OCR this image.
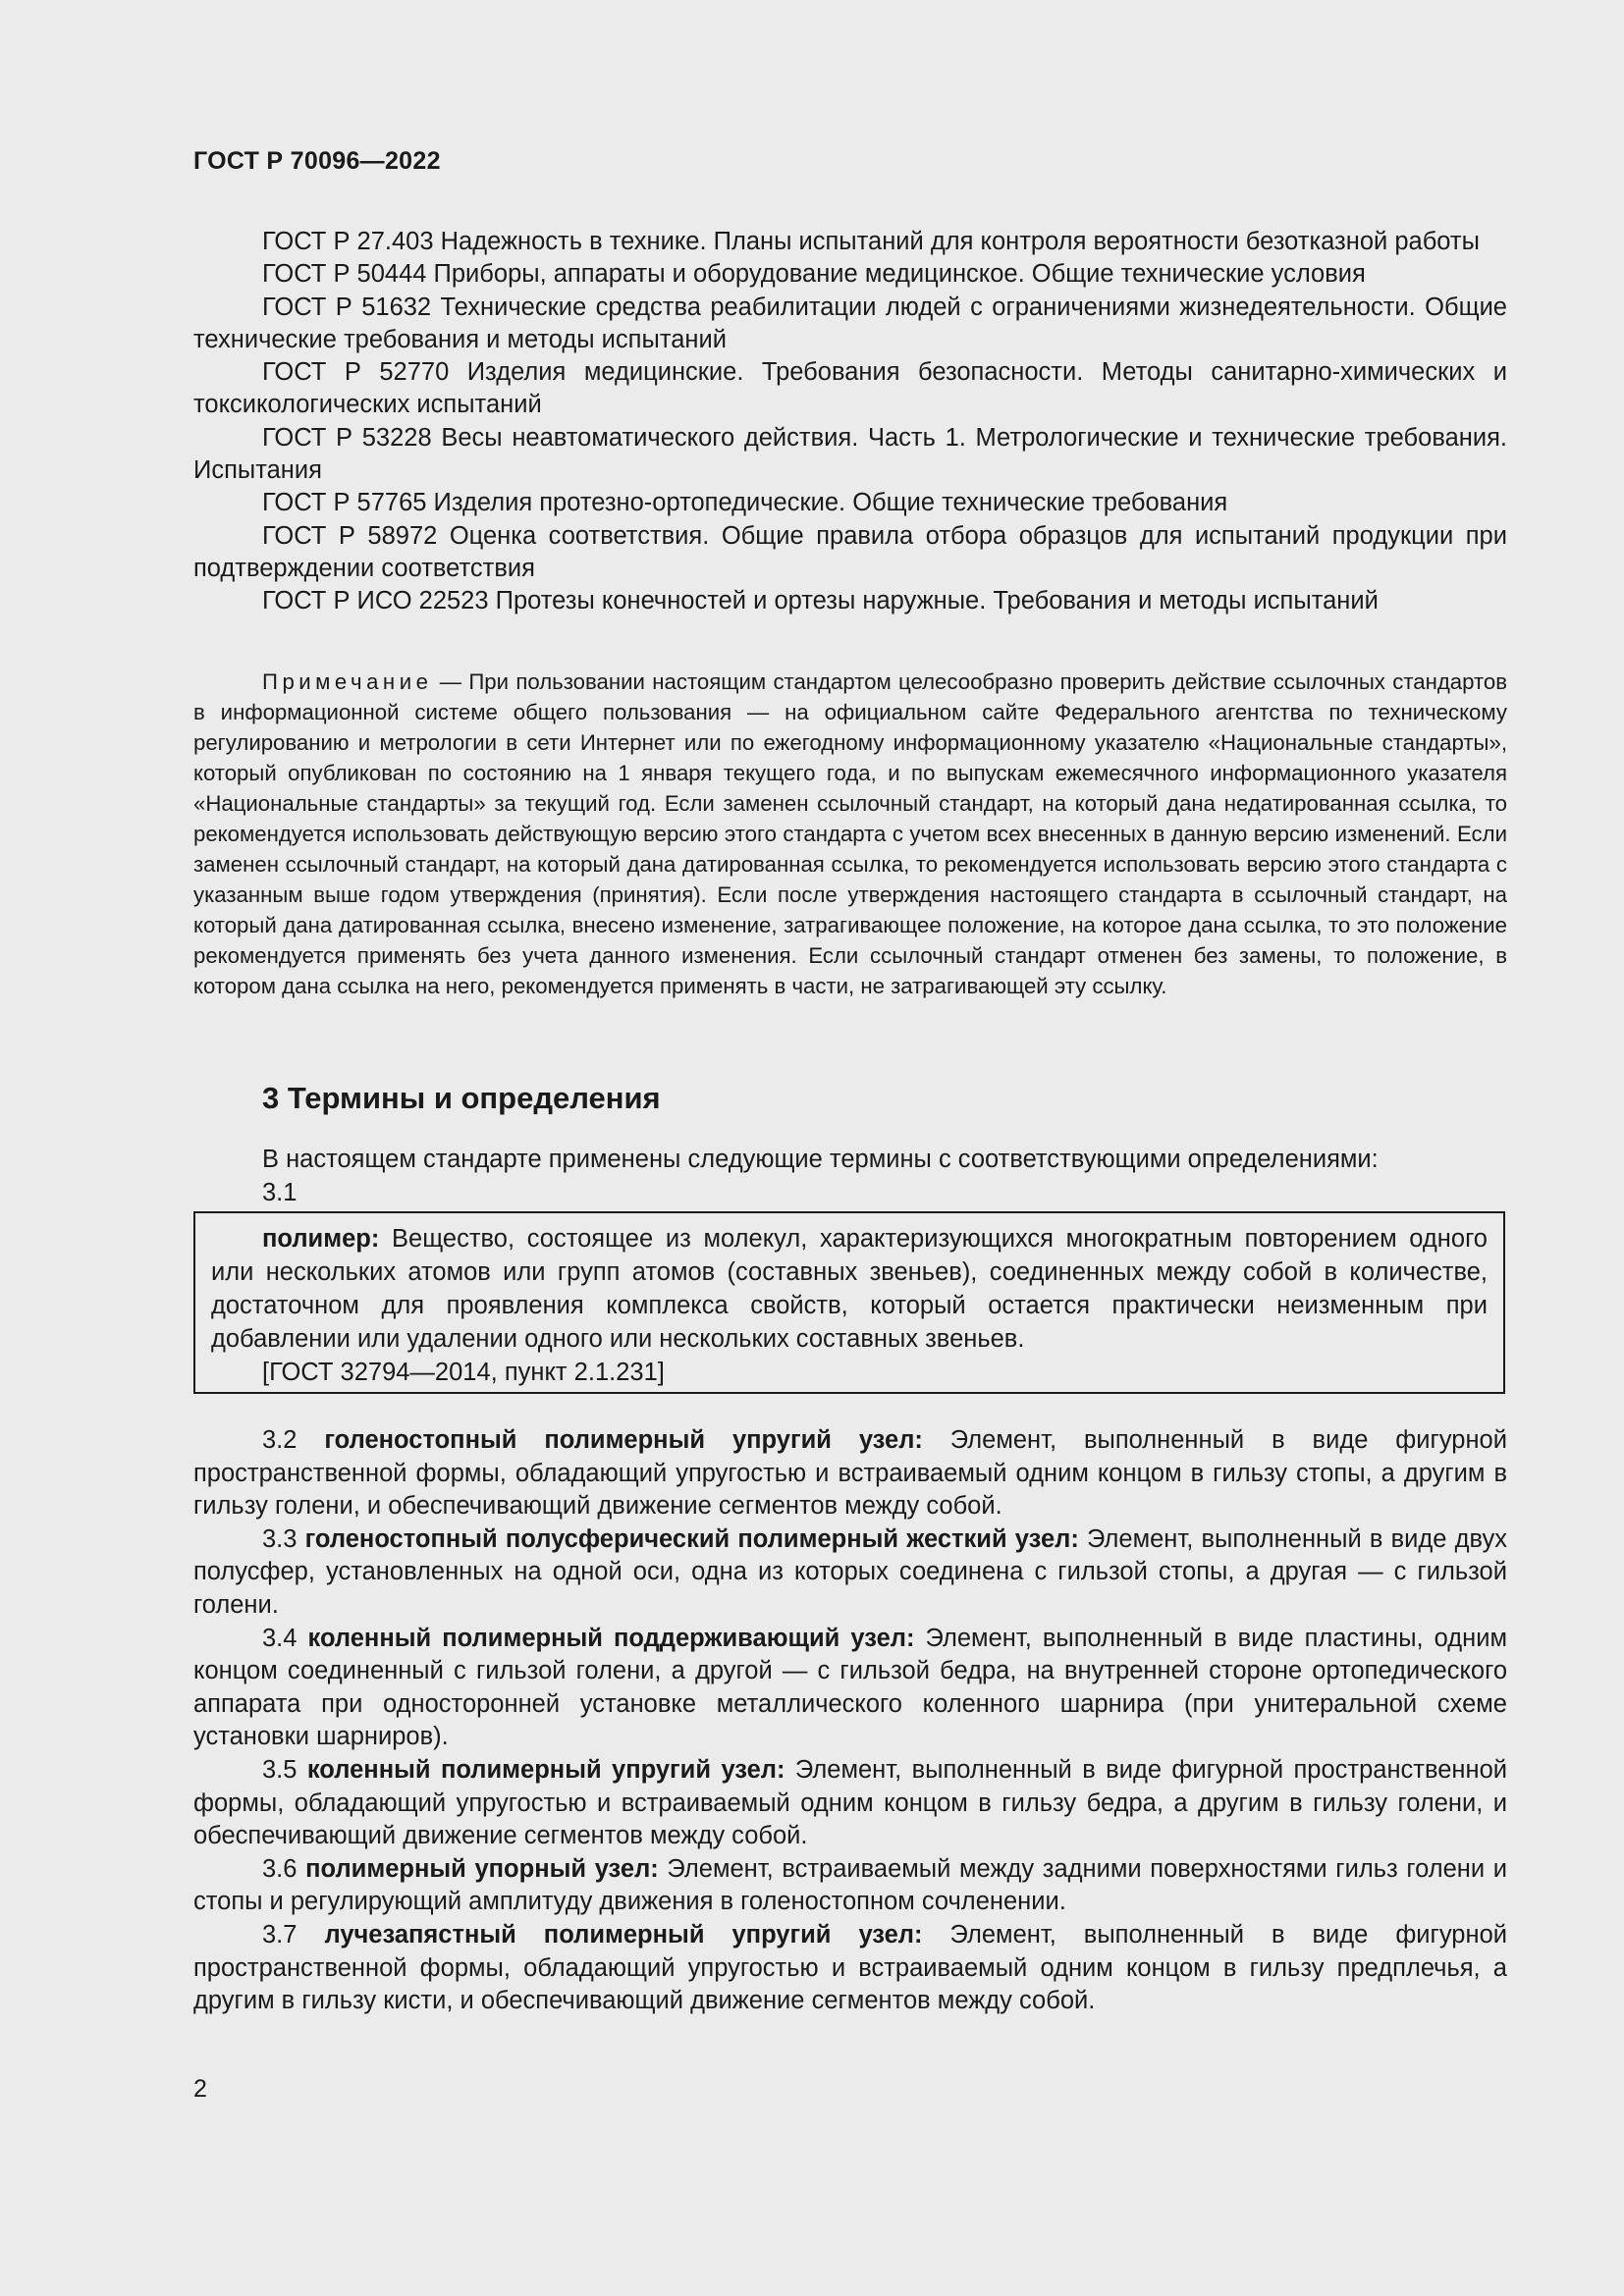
ГОСТ Р 70096—2022

ГОСТ Р 27.403 Надежность в технике. Планы испытаний для контроля вероятности безотказной работы

ГОСТ Р 50444 Приборы, аппараты и оборудование медицинское. Общие технические условия

ГОСТ Р 51632 Технические средства реабилитации людей с ограничениями жизнедеятельности. Общие технические требования и методы испытаний

ГОСТ Р 52770 Изделия медицинские. Требования безопасности. Методы санитарно-химических и токсикологических испытаний

ГОСТ Р 53228 Весы неавтоматического действия. Часть 1. Метрологические и технические требования. Испытания

ГОСТ Р 57765 Изделия протезно-ортопедические. Общие технические требования

ГОСТ Р 58972 Оценка соответствия. Общие правила отбора образцов для испытаний продукции при подтверждении соответствия

ГОСТ Р ИСО 22523 Протезы конечностей и ортезы наружные. Требования и методы испытаний

Примечание — При пользовании настоящим стандартом целесообразно проверить действие ссылочных стандартов в информационной системе общего пользования — на официальном сайте Федерального агентства по техническому регулированию и метрологии в сети Интернет или по ежегодному информационному указателю «Национальные стандарты», который опубликован по состоянию на 1 января текущего года, и по выпускам ежемесячного информационного указателя «Национальные стандарты» за текущий год. Если заменен ссылочный стандарт, на который дана недатированная ссылка, то рекомендуется использовать действующую версию этого стандарта с учетом всех внесенных в данную версию изменений. Если заменен ссылочный стандарт, на который дана датированная ссылка, то рекомендуется использовать версию этого стандарта с указанным выше годом утверждения (принятия). Если после утверждения настоящего стандарта в ссылочный стандарт, на который дана датированная ссылка, внесено изменение, затрагивающее положение, на которое дана ссылка, то это положение рекомендуется применять без учета данного изменения. Если ссылочный стандарт отменен без замены, то положение, в котором дана ссылка на него, рекомендуется применять в части, не затрагивающей эту ссылку.

3 Термины и определения

В настоящем стандарте применены следующие термины с соответствующими определениями:

3.1

полимер: Вещество, состоящее из молекул, характеризующихся многократным повторением одного или нескольких атомов или групп атомов (составных звеньев), соединенных между собой в количестве, достаточном для проявления комплекса свойств, который остается практически неизменным при добавлении или удалении одного или нескольких составных звеньев.

[ГОСТ 32794—2014, пункт 2.1.231]

3.2 голеностопный полимерный упругий узел: Элемент, выполненный в виде фигурной пространственной формы, обладающий упругостью и встраиваемый одним концом в гильзу стопы, а другим в гильзу голени, и обеспечивающий движение сегментов между собой.

3.3 голеностопный полусферический полимерный жесткий узел: Элемент, выполненный в виде двух полусфер, установленных на одной оси, одна из которых соединена с гильзой стопы, а другая — с гильзой голени.

3.4 коленный полимерный поддерживающий узел: Элемент, выполненный в виде пластины, одним концом соединенный с гильзой голени, а другой — с гильзой бедра, на внутренней стороне ортопедического аппарата при односторонней установке металлического коленного шарнира (при унитеральной схеме установки шарниров).

3.5 коленный полимерный упругий узел: Элемент, выполненный в виде фигурной пространственной формы, обладающий упругостью и встраиваемый одним концом в гильзу бедра, а другим в гильзу голени, и обеспечивающий движение сегментов между собой.

3.6 полимерный упорный узел: Элемент, встраиваемый между задними поверхностями гильз голени и стопы и регулирующий амплитуду движения в голеностопном сочленении.

3.7 лучезапястный полимерный упругий узел: Элемент, выполненный в виде фигурной пространственной формы, обладающий упругостью и встраиваемый одним концом в гильзу предплечья, а другим в гильзу кисти, и обеспечивающий движение сегментов между собой.

2
